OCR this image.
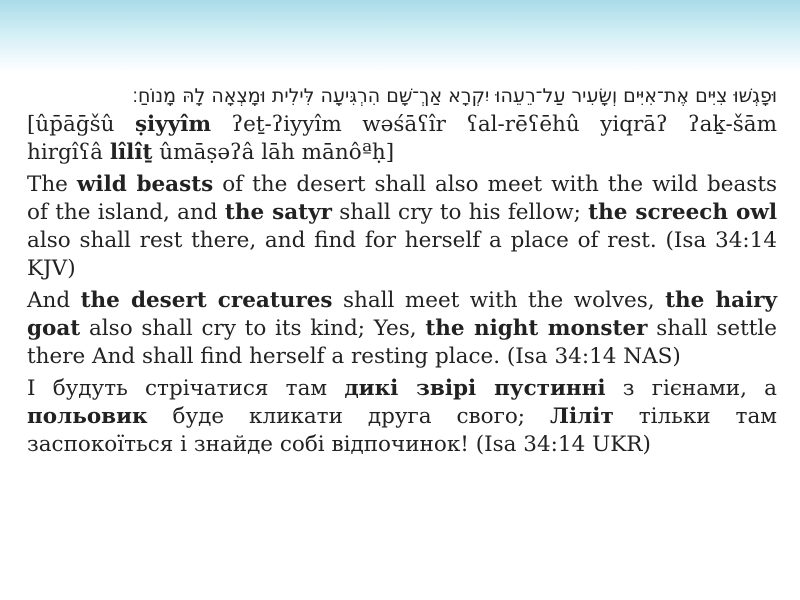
וּפָגְשׁוּ צִיִּים אֶת־אִיִּים וְשָׂעִיר עַל־רֵעֵהוּ יִקְרָא אַךְ־שָׁם הִרְגִּיעָה לִּילִית וּמָצְאָה לָהּ מָנוֹחַ׃

[ûp̄āḡšû ṣiyyîm ʔeṯ-ʔiyyîm wəśāʕîr ʕal-rēʕēhû yiqrāʔ ʔaḵ-šām hirgîʕâ lîlîṯ ûmāṣəʔâ lāh mānôªḥ]

The wild beasts of the desert shall also meet with the wild beasts of the island, and the satyr shall cry to his fellow; the screech owl also shall rest there, and find for herself a place of rest. (Isa 34:14 KJV)

And the desert creatures shall meet with the wolves, the hairy goat also shall cry to its kind; Yes, the night monster shall settle there And shall find herself a resting place. (Isa 34:14 NAS)

І будуть стрічатися там дикі звірі пустинні з гієнами, а польовик буде кликати друга свого; Ліліт тільки там заспокоїться і знайде собі відпочинок! (Isa 34:14 UKR)
